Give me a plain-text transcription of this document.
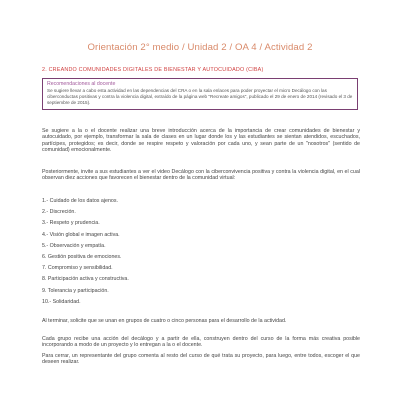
Orientación 2° medio / Unidad 2 / OA 4 / Actividad 2
2. CREANDO COMUNIDADES DIGITALES DE BIENESTAR Y AUTOCUIDADO (CIBA)
Recomendaciones al docente
Se sugiere llevar a cabo esta actividad en las dependencias del CRA o en la sala enlaces para poder proyectar el micro Decálogo con las ciberconductas positivas y contra la violencia digital, extraído de la página web "Recreate amigos", publicado el 29 de enero de 2014 (revisado el 3 de septiembre de 2015).
Se sugiere a la o el docente realizar una breve introducción acerca de la importancia de crear comunidades de bienestar y autocuidado, por ejemplo, transformar la sala de clases en un lugar donde los y las estudiantes se sientan atendidos, escuchados, partícipes, protegidos; es decir, donde se respire respeto y valoración por cada uno, y sean parte de un "nosotros" (sentido de comunidad) emocionalmente.
Posteriormente, invite a sus estudiantes a ver el video Decálogo con la ciberconvivencia positiva y contra la violencia digital, en el cual observan diez acciones que favorecen el bienestar dentro de la comunidad virtual:
1.- Cuidado de los datos ajenos.
2.- Discreción.
3.- Respeto y prudencia.
4.- Visión global e imagen activa.
5.- Observación y empatía.
6. Gestión positiva de emociones.
7. Compromiso y sensibilidad.
8. Participación activa y constructiva.
9. Tolerancia y participación.
10.- Solidaridad.
Al terminar, solicite que se unan en grupos de cuatro o cinco personas para el desarrollo de la actividad.
Cada grupo recibe una acción del decálogo y a partir de ella, construyen dentro del curso de la forma más creativa posible incorporando a modo de un proyecto y lo entregan a la o el docente.
Para cerrar, un representante del grupo comenta al resto del curso de qué trata su proyecto, para luego, entre todos, escoger el que deseen realizar.
